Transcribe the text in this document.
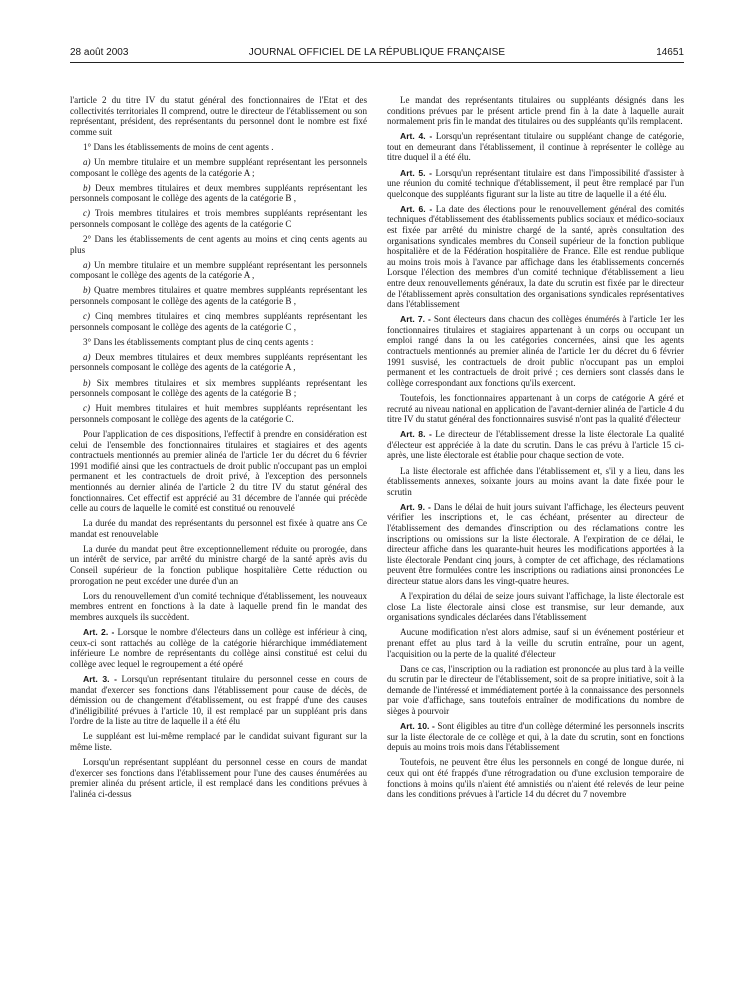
28 août 2003	JOURNAL OFFICIEL DE LA RÉPUBLIQUE FRANÇAISE	14651

l'article 2 du titre IV du statut général des fonctionnaires de l'Etat et des collectivités territoriales Il comprend, outre le directeur de l'établissement ou son représentant, président, des représentants du personnel dont le nombre est fixé comme suit

1° Dans les établissements de moins de cent agents .

a) Un membre titulaire et un membre suppléant représentant les personnels composant le collège des agents de la catégorie A ;

b) Deux membres titulaires et deux membres suppléants représentant les personnels composant le collège des agents de la catégorie B ,

c) Trois membres titulaires et trois membres suppléants représentant les personnels composant le collège des agents de la catégorie C

2° Dans les établissements de cent agents au moins et cinq cents agents au plus

a) Un membre titulaire et un membre suppléant représentant les personnels composant le collège des agents de la catégorie A ,

b) Quatre membres titulaires et quatre membres suppléants représentant les personnels composant le collège des agents de la catégorie B ,

c) Cinq membres titulaires et cinq membres suppléants représentant les personnels composant le collège des agents de la catégorie C ,

3° Dans les établissements comptant plus de cinq cents agents :

a) Deux membres titulaires et deux membres suppléants représentant les personnels composant le collège des agents de la catégorie A ,

b) Six membres titulaires et six membres suppléants représentant les personnels composant le collège des agents de la catégorie B ;

c) Huit membres titulaires et huit membres suppléants représentant les personnels composant le collège des agents de la catégorie C.

Pour l'application de ces dispositions, l'effectif à prendre en considération est celui de l'ensemble des fonctionnaires titulaires et stagiaires et des agents contractuels mentionnés au premier alinéa de l'article 1er du décret du 6 février 1991 modifié ainsi que les contractuels de droit public n'occupant pas un emploi permanent et les contractuels de droit privé, à l'exception des personnels mentionnés au dernier alinéa de l'article 2 du titre IV du statut général des fonctionnaires. Cet effectif est apprécié au 31 décembre de l'année qui précède celle au cours de laquelle le comité est constitué ou renouvelé

La durée du mandat des représentants du personnel est fixée à quatre ans Ce mandat est renouvelable

La durée du mandat peut être exceptionnellement réduite ou prorogée, dans un intérêt de service, par arrêté du ministre chargé de la santé après avis du Conseil supérieur de la fonction publique hospitalière Cette réduction ou prorogation ne peut excéder une durée d'un an

Lors du renouvellement d'un comité technique d'établissement, les nouveaux membres entrent en fonctions à la date à laquelle prend fin le mandat des membres auxquels ils succèdent.

Art. 2. - Lorsque le nombre d'électeurs dans un collège est inférieur à cinq, ceux-ci sont rattachés au collège de la catégorie hiérarchique immédiatement inférieure Le nombre de représentants du collège ainsi constitué est celui du collège avec lequel le regroupement a été opéré

Art. 3. - Lorsqu'un représentant titulaire du personnel cesse en cours de mandat d'exercer ses fonctions dans l'établissement pour cause de décès, de démission ou de changement d'établissement, ou est frappé d'une des causes d'inéligibilité prévues à l'article 10, il est remplacé par un suppléant pris dans l'ordre de la liste au titre de laquelle il a été élu

Le suppléant est lui-même remplacé par le candidat suivant figurant sur la même liste.

Lorsqu'un représentant suppléant du personnel cesse en cours de mandat d'exercer ses fonctions dans l'établissement pour l'une des causes énumérées au premier alinéa du présent article, il est remplacé dans les conditions prévues à l'alinéa ci-dessus

Le mandat des représentants titulaires ou suppléants désignés dans les conditions prévues par le présent article prend fin à la date à laquelle aurait normalement pris fin le mandat des titulaires ou des suppléants qu'ils remplacent.

Art. 4. - Lorsqu'un représentant titulaire ou suppléant change de catégorie, tout en demeurant dans l'établissement, il continue à représenter le collège au titre duquel il a été élu.

Art. 5. - Lorsqu'un représentant titulaire est dans l'impossibilité d'assister à une réunion du comité technique d'établissement, il peut être remplacé par l'un quelconque des suppléants figurant sur la liste au titre de laquelle il a été élu.

Art. 6. - La date des élections pour le renouvellement général des comités techniques d'établissement des établissements publics sociaux et médico-sociaux est fixée par arrêté du ministre chargé de la santé, après consultation des organisations syndicales membres du Conseil supérieur de la fonction publique hospitalière et de la Fédération hospitalière de France. Elle est rendue publique au moins trois mois à l'avance par affichage dans les établissements concernés Lorsque l'élection des membres d'un comité technique d'établissement a lieu entre deux renouvellements généraux, la date du scrutin est fixée par le directeur de l'établissement après consultation des organisations syndicales représentatives dans l'établissement

Art. 7. - Sont électeurs dans chacun des collèges énumérés à l'article 1er les fonctionnaires titulaires et stagiaires appartenant à un corps ou occupant un emploi rangé dans la ou les catégories concernées, ainsi que les agents contractuels mentionnés au premier alinéa de l'article 1er du décret du 6 février 1991 susvisé, les contractuels de droit public n'occupant pas un emploi permanent et les contractuels de droit privé ; ces derniers sont classés dans le collège correspondant aux fonctions qu'ils exercent.

Toutefois, les fonctionnaires appartenant à un corps de catégorie A géré et recruté au niveau national en application de l'avant-dernier alinéa de l'article 4 du titre IV du statut général des fonctionnaires susvisé n'ont pas la qualité d'électeur

Art. 8. - Le directeur de l'établissement dresse la liste électorale La qualité d'électeur est appréciée à la date du scrutin. Dans le cas prévu à l'article 15 ci-après, une liste électorale est établie pour chaque section de vote.

La liste électorale est affichée dans l'établissement et, s'il y a lieu, dans les établissements annexes, soixante jours au moins avant la date fixée pour le scrutin

Art. 9. - Dans le délai de huit jours suivant l'affichage, les électeurs peuvent vérifier les inscriptions et, le cas échéant, présenter au directeur de l'établissement des demandes d'inscription ou des réclamations contre les inscriptions ou omissions sur la liste électorale. A l'expiration de ce délai, le directeur affiche dans les quarante-huit heures les modifications apportées à la liste électorale Pendant cinq jours, à compter de cet affichage, des réclamations peuvent être formulées contre les inscriptions ou radiations ainsi prononcées Le directeur statue alors dans les vingt-quatre heures.

A l'expiration du délai de seize jours suivant l'affichage, la liste électorale est close La liste électorale ainsi close est transmise, sur leur demande, aux organisations syndicales déclarées dans l'établissement

Aucune modification n'est alors admise, sauf si un événement postérieur et prenant effet au plus tard à la veille du scrutin entraîne, pour un agent, l'acquisition ou la perte de la qualité d'électeur

Dans ce cas, l'inscription ou la radiation est prononcée au plus tard à la veille du scrutin par le directeur de l'établissement, soit de sa propre initiative, soit à la demande de l'intéressé et immédiatement portée à la connaissance des personnels par voie d'affichage, sans toutefois entraîner de modifications du nombre de sièges à pourvoir

Art. 10. - Sont éligibles au titre d'un collège déterminé les personnels inscrits sur la liste électorale de ce collège et qui, à la date du scrutin, sont en fonctions depuis au moins trois mois dans l'établissement

Toutefois, ne peuvent être élus les personnels en congé de longue durée, ni ceux qui ont été frappés d'une rétrogradation ou d'une exclusion temporaire de fonctions à moins qu'ils n'aient été amnistiés ou n'aient été relevés de leur peine dans les conditions prévues à l'article 14 du décret du 7 novembre
